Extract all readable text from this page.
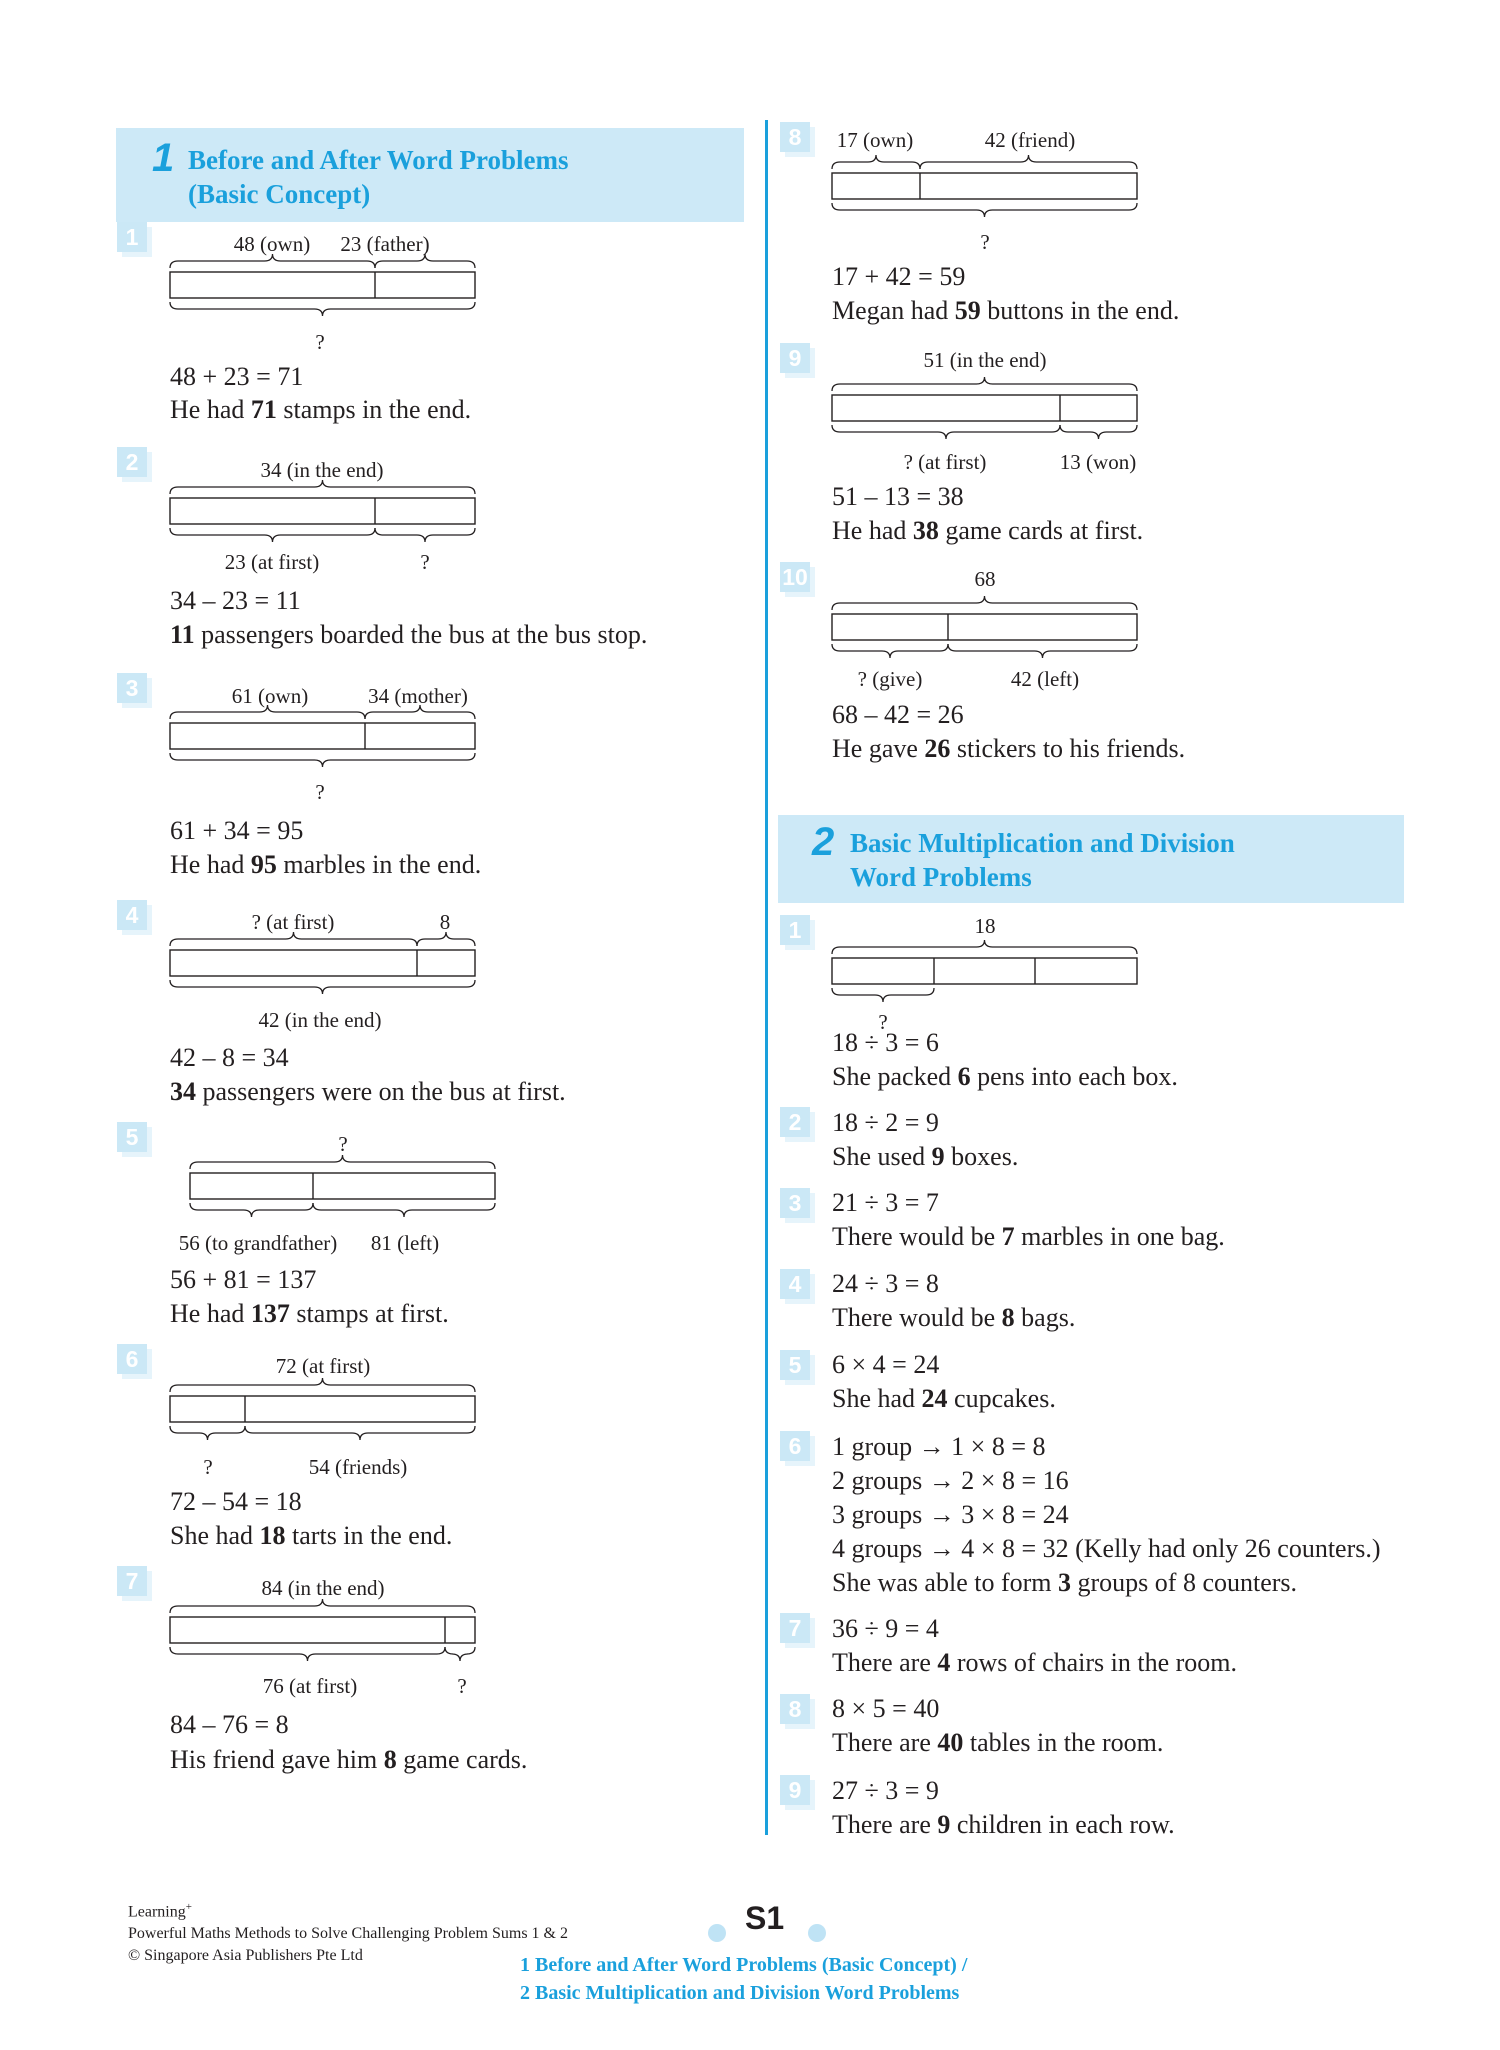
1 Before and After Word Problems
(Basic Concept)
2 Basic Multiplication and Division
Word Problems
1	48 (own) 23 (father)
?
48 + 23 = 71
He had 71 stamps in the end.
2	34 (in the end)
23 (at first)	?
34 – 23 = 11
11 passengers boarded the bus at the bus stop.
3	61 (own)	34 (mother)
?
61 + 34 = 95
He had 95 marbles in the end.
4	? (at first)	8
42 (in the end)
42 – 8 = 34
34 passengers were on the bus at first.
5	?
56 (to grandfather) 81 (left)
56 + 81 = 137
He had 137 stamps at first.
6	72 (at first)
?	54 (friends)
72 – 54 = 18
She had 18 tarts in the end.
7	84 (in the end)
76 (at first)	?
84 – 76 = 8
His friend gave him 8 game cards.
8	17 (own)	42 (friend)
?
17 + 42 = 59
Megan had 59 buttons in the end.
9	51 (in the end)
? (at first)	13 (won)
51 – 13 = 38
He had 38 game cards at first.
10	68
? (give)	42 (left)
68 – 42 = 26
He gave 26 stickers to his friends.
1	18
?
18 ÷ 3 = 6
She packed 6 pens into each box.
2	18 ÷ 2 = 9
She used 9 boxes.
3	21 ÷ 3 = 7
There would be 7 marbles in one bag.
4	24 ÷ 3 = 8
There would be 8 bags.
5	6 × 4 = 24
She had 24 cupcakes.
6	1 group → 1 × 8 = 8
2 groups → 2 × 8 = 16
3 groups → 3 × 8 = 24
4 groups → 4 × 8 = 32 (Kelly had only 26 counters.)
She was able to form 3 groups of 8 counters.
7	36 ÷ 9 = 4
There are 4 rows of chairs in the room.
8	8 × 5 = 40
There are 40 tables in the room.
9	27 ÷ 3 = 9
There are 9 children in each row.
Learning+
Powerful Maths Methods to Solve Challenging Problem Sums 1 & 2
© Singapore Asia Publishers Pte Ltd
S1
1 Before and After Word Problems (Basic Concept) /
2 Basic Multiplication and Division Word Problems
